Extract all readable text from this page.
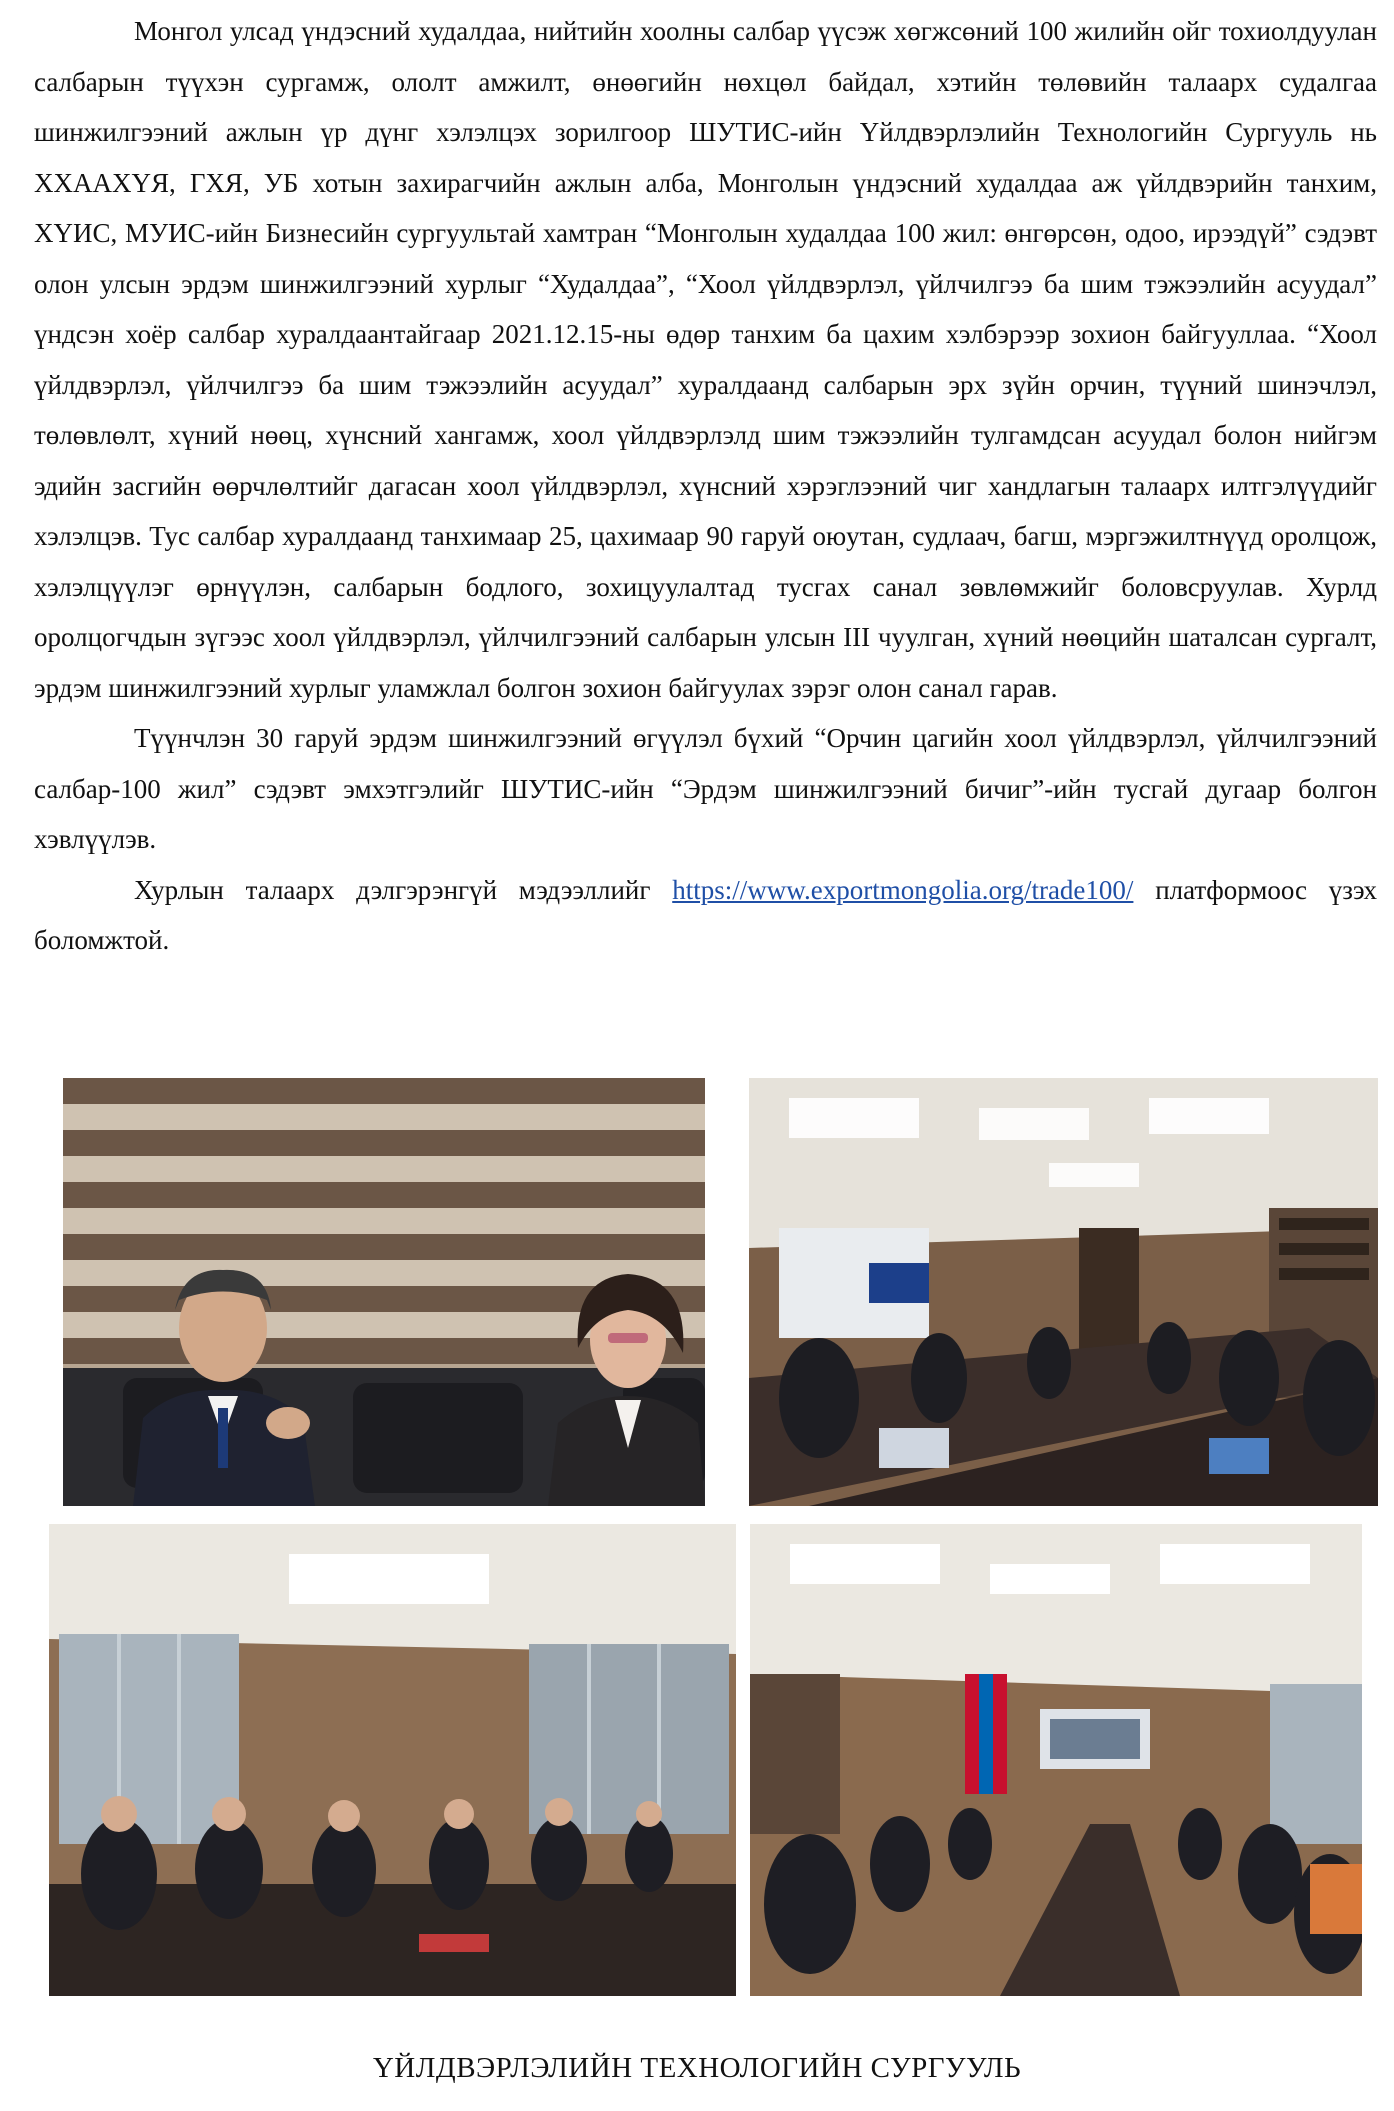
Монгол улсад үндэсний худалдаа, нийтийн хоолны салбар үүсэж хөгжсөний 100 жилийн ойг тохиолдуулан салбарын түүхэн сургамж, ололт амжилт, өнөөгийн нөхцөл байдал, хэтийн төлөвийн талаарх судалгаа шинжилгээний ажлын үр дүнг хэлэлцэх зорилгоор ШУТИС-ийн Үйлдвэрлэлийн Технологийн Сургууль нь ХХААХҮЯ, ГХЯ, УБ хотын захирагчийн ажлын алба, Монголын үндэсний худалдаа аж үйлдвэрийн танхим, ХҮИС, МУИС-ийн Бизнесийн сургуультай хамтран “Монголын худалдаа 100 жил: өнгөрсөн, одоо, ирээдүй” сэдэвт олон улсын эрдэм шинжилгээний хурлыг “Худалдаа”, “Хоол үйлдвэрлэл, үйлчилгээ ба шим тэжээлийн асуудал” үндсэн хоёр салбар хуралдаантайгаар 2021.12.15-ны өдөр танхим ба цахим хэлбэрээр зохион байгууллаа. “Хоол үйлдвэрлэл, үйлчилгээ ба шим тэжээлийн асуудал” хуралдаанд салбарын эрх зүйн орчин, түүний шинэчлэл, төлөвлөлт, хүний нөөц, хүнсний хангамж, хоол үйлдвэрлэлд шим тэжээлийн тулгамдсан асуудал болон нийгэм эдийн засгийн өөрчлөлтийг дагасан хоол үйлдвэрлэл, хүнсний хэрэглээний чиг хандлагын талаарх илтгэлүүдийг хэлэлцэв. Тус салбар хуралдаанд танхимаар 25, цахимаар 90 гаруй оюутан, судлаач, багш, мэргэжилтнүүд оролцож, хэлэлцүүлэг өрнүүлэн, салбарын бодлого, зохицуулалтад тусгах санал зөвлөмжийг боловсруулав. Хурлд оролцогчдын зүгээс хоол үйлдвэрлэл, үйлчилгээний салбарын улсын III чуулган, хүний нөөцийн шаталсан сургалт, эрдэм шинжилгээний хурлыг уламжлал болгон зохион байгуулах зэрэг олон санал гарав.

Түүнчлэн 30 гаруй эрдэм шинжилгээний өгүүлэл бүхий “Орчин цагийн хоол үйлдвэрлэл, үйлчилгээний салбар-100 жил” сэдэвт эмхэтгэлийг ШУТИС-ийн “Эрдэм шинжилгээний бичиг”-ийн тусгай дугаар болгон хэвлүүлэв.

Хурлын талаарх дэлгэрэнгүй мэдээллийг https://www.exportmongolia.org/trade100/ платформоос үзэх боломжтой.

ҮЙЛДВЭРЛЭЛИЙН ТЕХНОЛОГИЙН СУРГУУЛЬ
